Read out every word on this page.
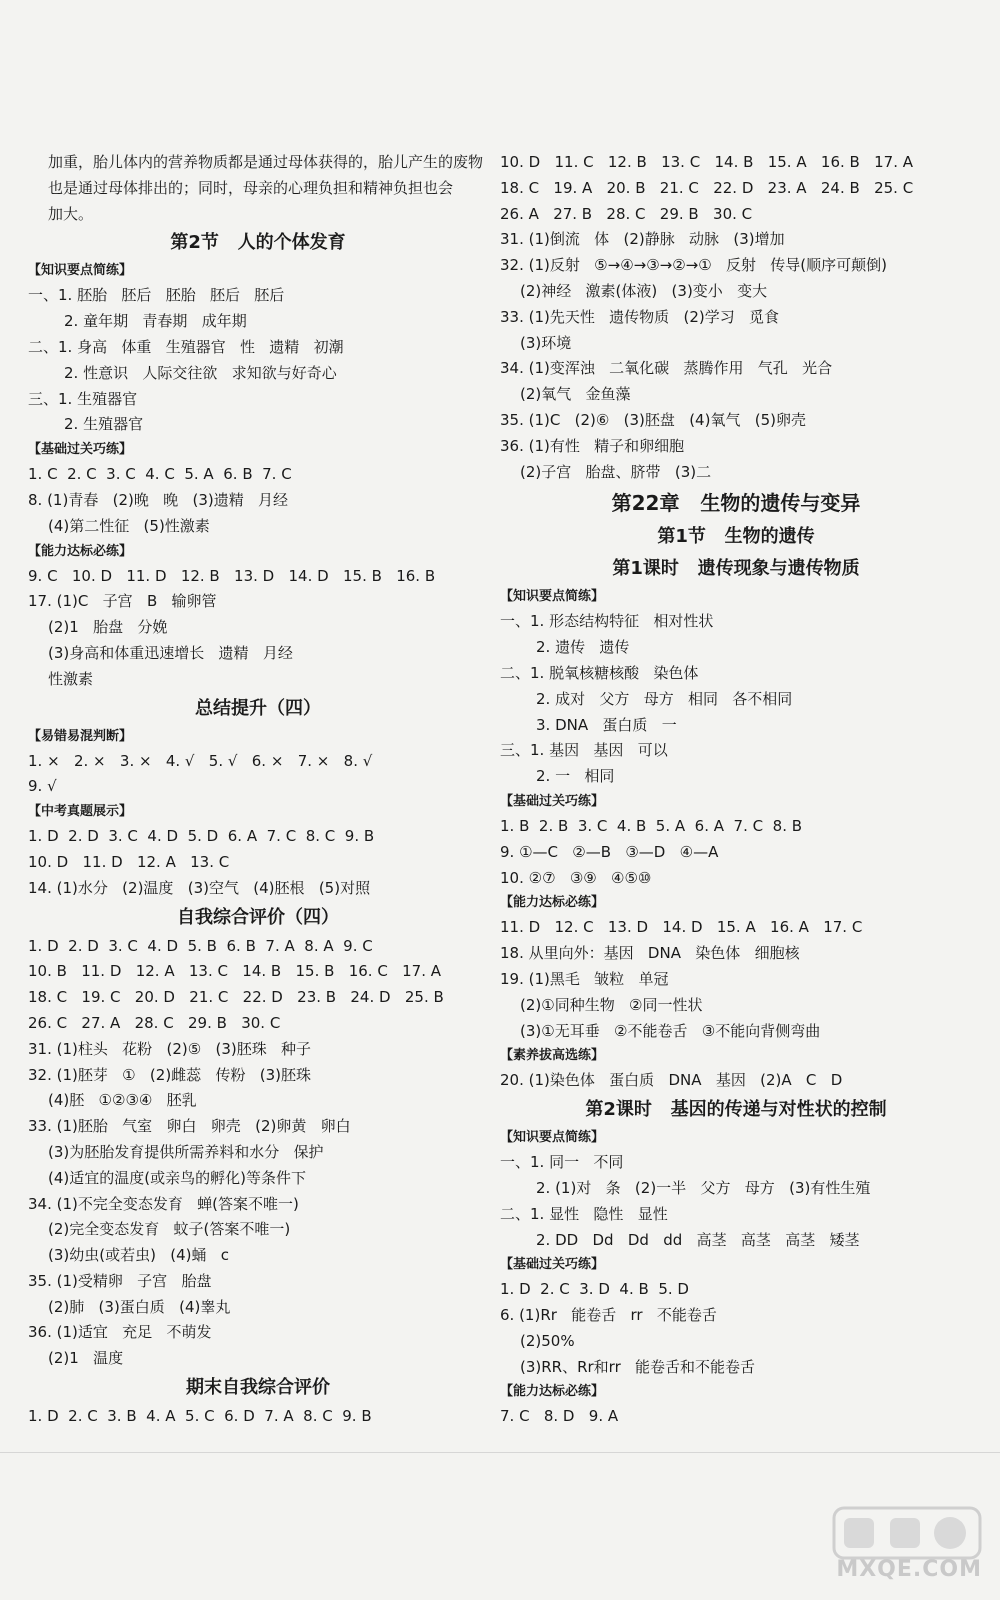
加重，胎儿体内的营养物质都是通过母体获得的，胎儿产生的废物
也是通过母体排出的；同时，母亲的心理负担和精神负担也会
加大。
第2节   人的个体发育
【知识要点简练】
一、1. 胚胎   胚后   胚胎   胚后   胚后
2. 童年期   青春期   成年期
二、1. 身高   体重   生殖器官   性   遗精   初潮
2. 性意识   人际交往欲   求知欲与好奇心
三、1. 生殖器官
2. 生殖器官
【基础过关巧练】
1. C  2. C  3. C  4. C  5. A  6. B  7. C
8. (1)青春   (2)晚   晚   (3)遗精   月经
(4)第二性征   (5)性激素
【能力达标必练】
9. C   10. D   11. D   12. B   13. D   14. D   15. B   16. B
17. (1)C   子宫   B   输卵管
(2)1   胎盘   分娩
(3)身高和体重迅速增长   遗精   月经
性激素
总结提升（四）
【易错易混判断】
1. ×   2. ×   3. ×   4. √   5. √   6. ×   7. ×   8. √
9. √
【中考真题展示】
1. D  2. D  3. C  4. D  5. D  6. A  7. C  8. C  9. B
10. D   11. D   12. A   13. C
14. (1)水分   (2)温度   (3)空气   (4)胚根   (5)对照
自我综合评价（四）
1. D  2. D  3. C  4. D  5. B  6. B  7. A  8. A  9. C
10. B   11. D   12. A   13. C   14. B   15. B   16. C   17. A
18. C   19. C   20. D   21. C   22. D   23. B   24. D   25. B
26. C   27. A   28. C   29. B   30. C
31. (1)柱头   花粉   (2)⑤   (3)胚珠   种子
32. (1)胚芽   ①   (2)雌蕊   传粉   (3)胚珠
(4)胚   ①②③④   胚乳
33. (1)胚胎   气室   卵白   卵壳   (2)卵黄   卵白
(3)为胚胎发育提供所需养料和水分   保护
(4)适宜的温度(或亲鸟的孵化)等条件下
34. (1)不完全变态发育   蝉(答案不唯一)
(2)完全变态发育   蚊子(答案不唯一)
(3)幼虫(或若虫)   (4)蛹   c
35. (1)受精卵   子宫   胎盘
(2)肺   (3)蛋白质   (4)睾丸
36. (1)适宜   充足   不萌发
(2)1   温度
期末自我综合评价
1. D  2. C  3. B  4. A  5. C  6. D  7. A  8. C  9. B
10. D   11. C   12. B   13. C   14. B   15. A   16. B   17. A
18. C   19. A   20. B   21. C   22. D   23. A   24. B   25. C
26. A   27. B   28. C   29. B   30. C
31. (1)倒流   体   (2)静脉   动脉   (3)增加
32. (1)反射   ⑤→④→③→②→①   反射   传导(顺序可颠倒)
(2)神经   激素(体液)   (3)变小   变大
33. (1)先天性   遗传物质   (2)学习   觅食
(3)环境
34. (1)变浑浊   二氧化碳   蒸腾作用   气孔   光合
(2)氧气   金鱼藻
35. (1)C   (2)⑥   (3)胚盘   (4)氧气   (5)卵壳
36. (1)有性   精子和卵细胞
(2)子宫   胎盘、脐带   (3)二
第22章   生物的遗传与变异
第1节   生物的遗传
第1课时   遗传现象与遗传物质
【知识要点简练】
一、1. 形态结构特征   相对性状
2. 遗传   遗传
二、1. 脱氧核糖核酸   染色体
2. 成对   父方   母方   相同   各不相同
3. DNA   蛋白质   一
三、1. 基因   基因   可以
2. 一   相同
【基础过关巧练】
1. B  2. B  3. C  4. B  5. A  6. A  7. C  8. B
9. ①—C   ②—B   ③—D   ④—A
10. ②⑦   ③⑨   ④⑤⑩
【能力达标必练】
11. D   12. C   13. D   14. D   15. A   16. A   17. C
18. 从里向外：基因   DNA   染色体   细胞核
19. (1)黑毛   皱粒   单冠
(2)①同种生物   ②同一性状
(3)①无耳垂   ②不能卷舌   ③不能向背侧弯曲
【素养拔高选练】
20. (1)染色体   蛋白质   DNA   基因   (2)A   C   D
第2课时   基因的传递与对性状的控制
【知识要点简练】
一、1. 同一   不同
2. (1)对   条   (2)一半   父方   母方   (3)有性生殖
二、1. 显性   隐性   显性
2. DD   Dd   Dd   dd   高茎   高茎   高茎   矮茎
【基础过关巧练】
1. D  2. C  3. D  4. B  5. D
6. (1)Rr   能卷舌   rr   不能卷舌
(2)50%
(3)RR、Rr和rr   能卷舌和不能卷舌
【能力达标必练】
7. C   8. D   9. A
MXQE.COM
